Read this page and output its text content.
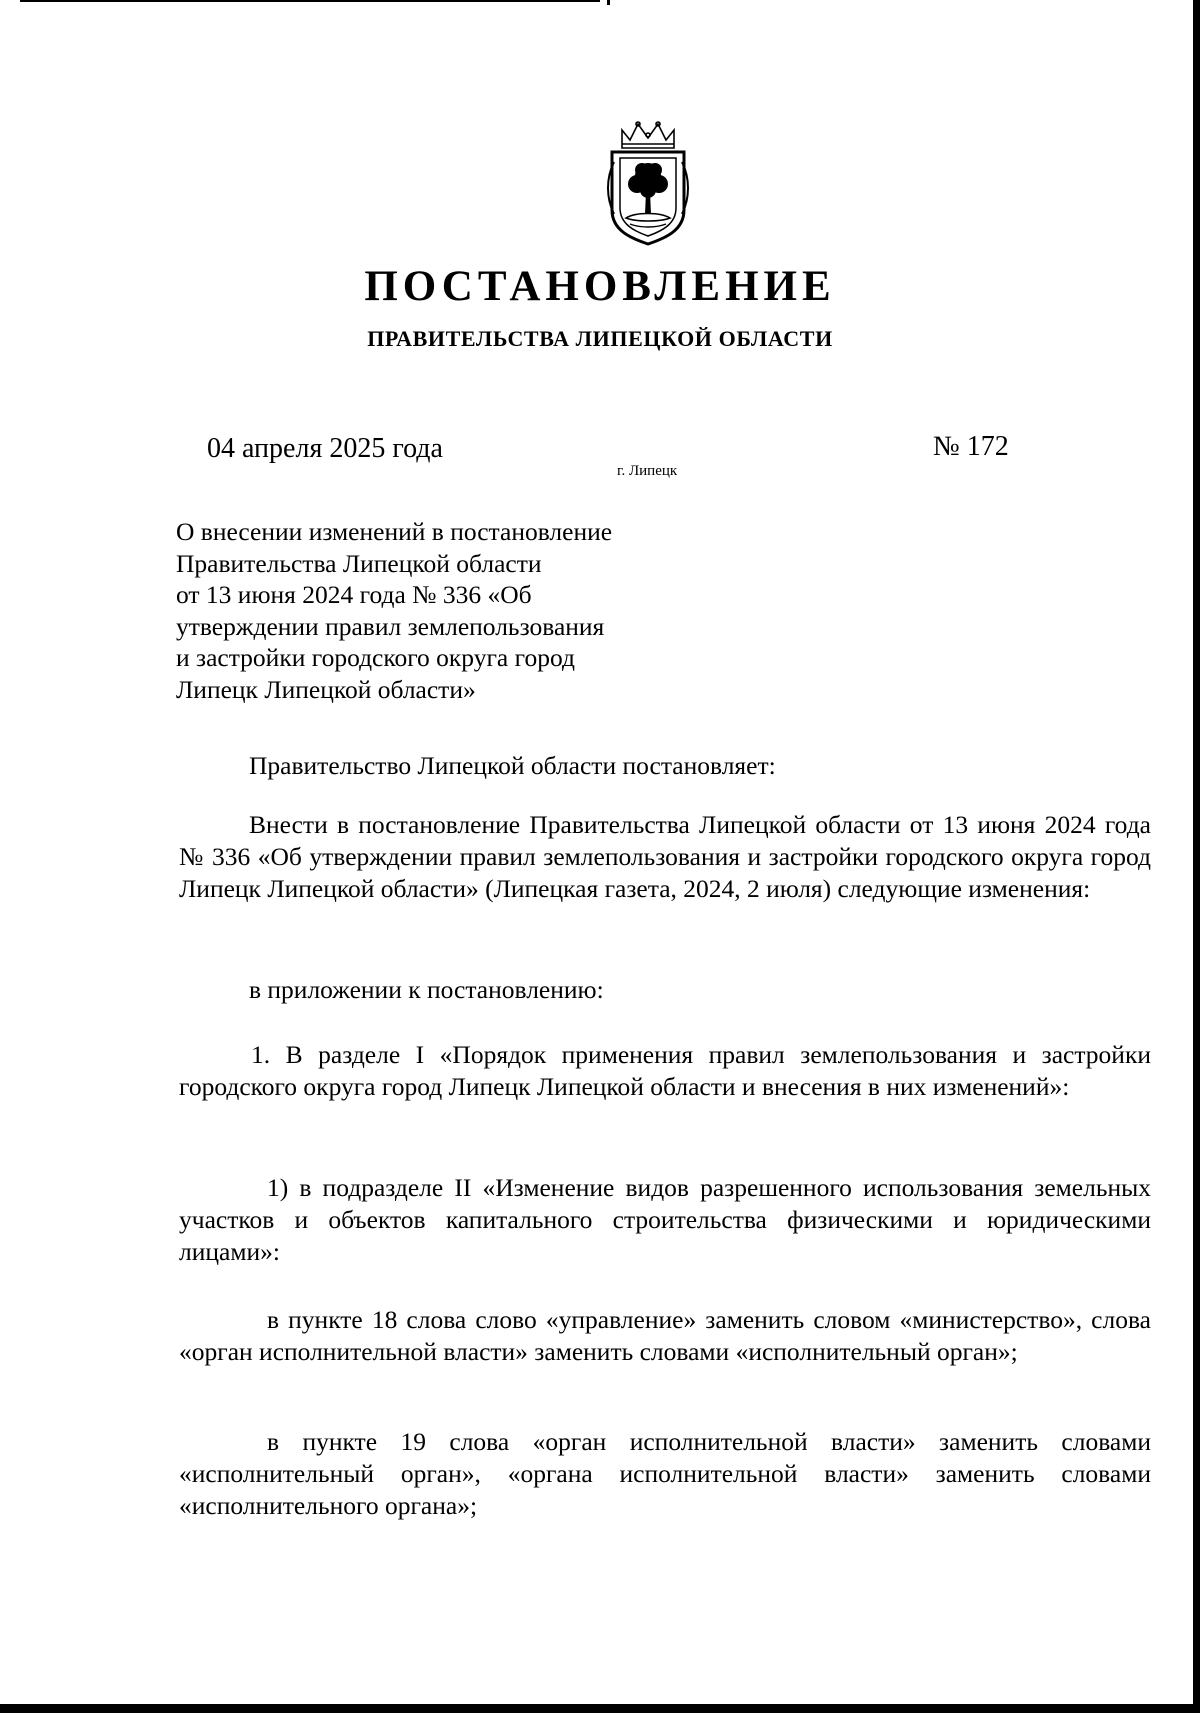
ПОСТАНОВЛЕНИЕ
ПРАВИТЕЛЬСТВА ЛИПЕЦКОЙ ОБЛАСТИ
04 апреля 2025 года
г. Липецк
№ 172
О внесении изменений в постановление
Правительства Липецкой области
от 13 июня 2024 года № 336 «Об
утверждении правил землепользования
и застройки городского округа город
Липецк Липецкой области»
Правительство Липецкой области постановляет:
Внести в постановление Правительства Липецкой области от 13 июня 2024 года № 336 «Об утверждении правил землепользования и застройки городского округа город Липецк Липецкой области» (Липецкая газета, 2024, 2 июля) следующие изменения:
в приложении к постановлению:
1. В разделе I «Порядок применения правил землепользования и застройки городского округа город Липецк Липецкой области и внесения в них изменений»:
1) в подразделе II «Изменение видов разрешенного использования земельных участков и объектов капитального строительства физическими и юридическими лицами»:
в пункте 18 слова слово «управление» заменить словом «министерство», слова «орган исполнительной власти» заменить словами «исполнительный орган»;
в пункте 19 слова «орган исполнительной власти» заменить словами «исполнительный орган», «органа исполнительной власти» заменить словами «исполнительного органа»;
